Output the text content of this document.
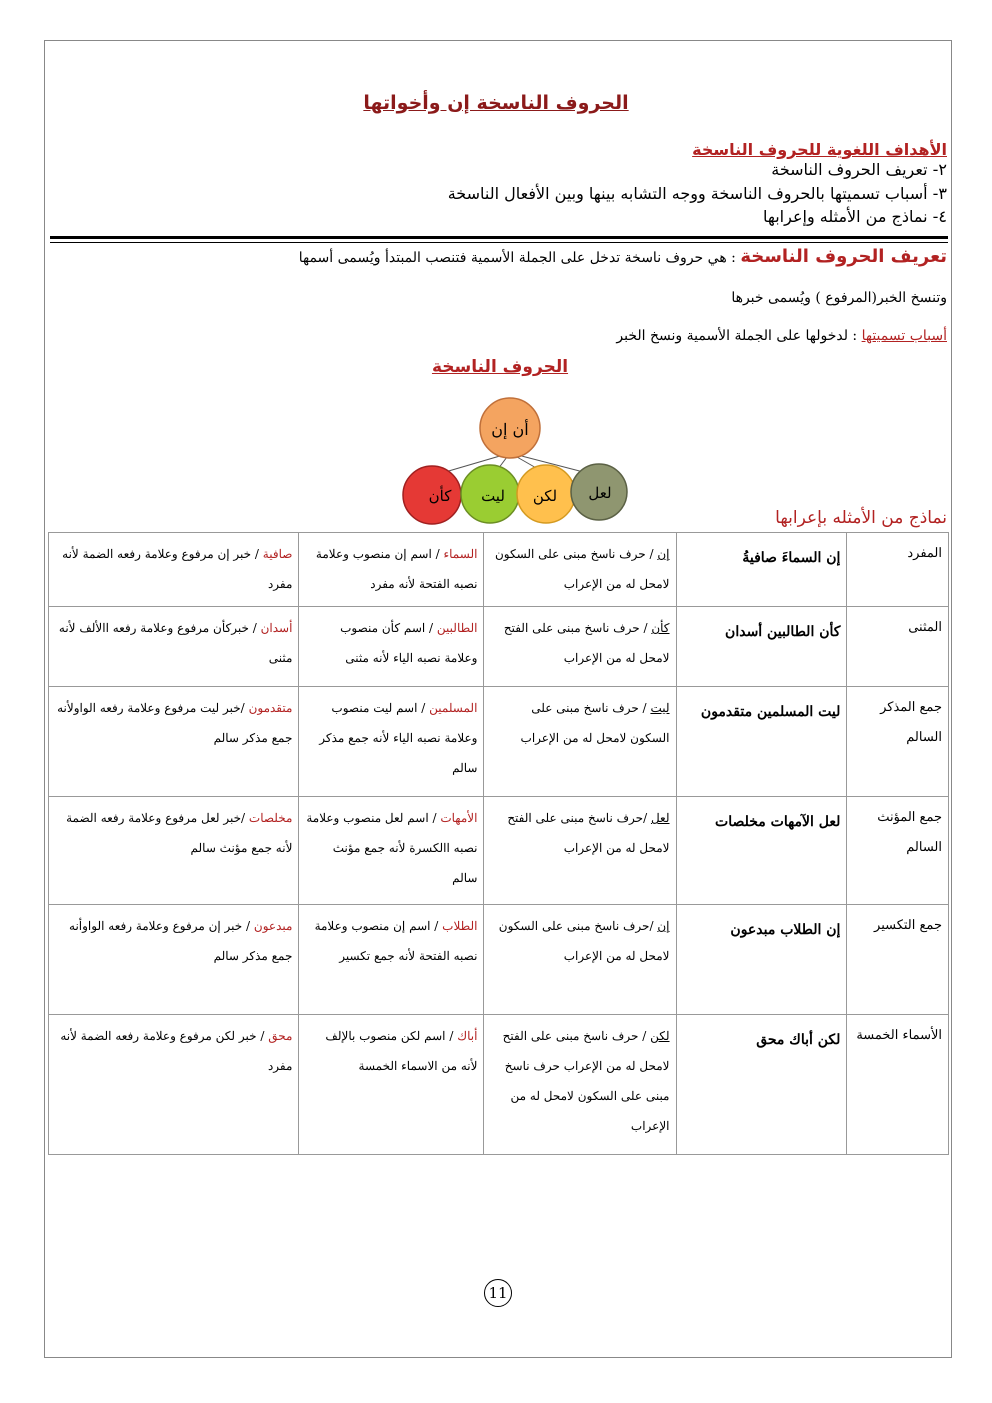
الحروف الناسخة إن وأخواتها
الأهداف اللغوية للحروف الناسخة
٢- تعريف الحروف الناسخة
٣- أسباب تسميتها بالحروف الناسخة ووجه التشابه بينها وبين الأفعال الناسخة
٤- نماذج من الأمثله وإعرابها
تعريف الحروف الناسخة : هي حروف ناسخة تدخل على الجملة الأسمية فتنصب المبتدأ ويُسمى أسمها
وتنسخ الخبر(المرفوع ) ويُسمى خبرها
أسباب تسميتها : لدخولها على الجملة الأسمية ونسخ الخبر
الحروف الناسخة
أن إن
كأن ليت لكن لعل
نماذج من الأمثله بإعرابها
المفرد	إن السماءَ صافيةُ	إن / حرف ناسخ مبنى على السكون لامحل له من الإعراب	السماء / اسم إن منصوب وعلامة نصبه الفتحة لأنه مفرد	صافية / خبر إن مرفوع وعلامة رفعه الضمة لأنه مفرد
المثنى	كأن الطالبين أسدان	كأن / حرف ناسخ مبنى على الفتح لامحل له من الإعراب	الطالبين / اسم كأن منصوب وعلامة نصبه الياء لأنه مثنى	أسدان / خبركأن مرفوع وعلامة رفعه االألف لأنه مثنى
جمع المذكر السالم	ليت المسلمين متقدمون	ليت / حرف ناسخ مبنى على السكون لامحل له من الإعراب	المسلمين / اسم ليت منصوب وعلامة نصبه الياء لأنه جمع مذكر سالم	متقدمون /خبر ليت مرفوع وعلامة رفعه الواولأنه جمع مذكر سالم
جمع المؤنث السالم	لعل الآمهات مخلصات	لعل /حرف ناسخ مبنى على الفتح لامحل له من الإعراب	الأمهات / اسم لعل منصوب وعلامة نصبه االكسرة لأنه جمع مؤنث سالم	مخلصات /خبر لعل مرفوع وعلامة رفعه الضمة لأنه جمع مؤنث سالم
جمع التكسير	إن الطلاب مبدعون	إن /حرف ناسخ مبنى على السكون لامحل له من الإعراب	الطلاب / اسم إن منصوب وعلامة نصبه الفتحة لأنه جمع تكسير	مبدعون / خبر إن مرفوع وعلامة رفعه الواوأنه جمع مذكر سالم
الأسماء الخمسة	لكن أباك محق	لكن / حرف ناسخ مبنى على الفتح لامحل له من الإعراب حرف ناسخ مبنى على السكون لامحل له من الإعراب	أباك / اسم لكن منصوب بالإلف لأنه من الاسماء الخمسة	محق / خبر لكن مرفوع وعلامة رفعه الضمة لأنه مفرد
11
